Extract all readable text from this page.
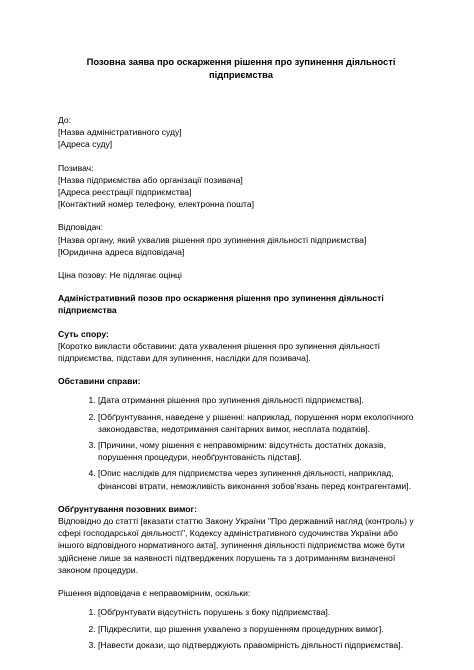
Позовна заява про оскарження рішення про зупинення діяльності підприємства
До:
[Назва адміністративного суду]
[Адреса суду]
Позивач:
[Назва підприємства або організації позивача]
[Адреса реєстрації підприємства]
[Контактний номер телефону, електронна пошта]
Відповідач:
[Назва органу, який ухвалив рішення про зупинення діяльності підприємства]
[Юридична адреса відповідача]
Ціна позову: Не підлягає оцінці
Адміністративний позов про оскарження рішення про зупинення діяльності підприємства
Суть спору:
[Коротко викласти обставини: дата ухвалення рішення про зупинення діяльності підприємства, підстави для зупинення, наслідки для позивача].
Обставини справи:
1. [Дата отримання рішення про зупинення діяльності підприємства].
2. [Обґрунтування, наведене у рішенні: наприклад, порушення норм екологічного законодавства, недотримання санітарних вимог, несплата податків].
3. [Причини, чому рішення є неправомірним: відсутність достатніх доказів, порушення процедури, необґрунтованість підстав].
4. [Опис наслідків для підприємства через зупинення діяльності, наприклад, фінансові втрати, неможливість виконання зобов'язань перед контрагентами].
Обґрунтування позовних вимог:
Відповідно до статті [вказати статтю Закону України "Про державний нагляд (контроль) у сфері господарської діяльності", Кодексу адміністративного судочинства України або іншого відповідного нормативного акта], зупинення діяльності підприємства може бути здійснене лише за наявності підтверджених порушень та з дотриманням визначеної законом процедури.
Рішення відповідача є неправомірним, оскільки:
1. [Обґрунтувати відсутність порушень з боку підприємства].
2. [Підкреслити, що рішення ухвалено з порушенням процедурних вимог].
3. [Навести докази, що підтверджують правомірність діяльності підприємства].
